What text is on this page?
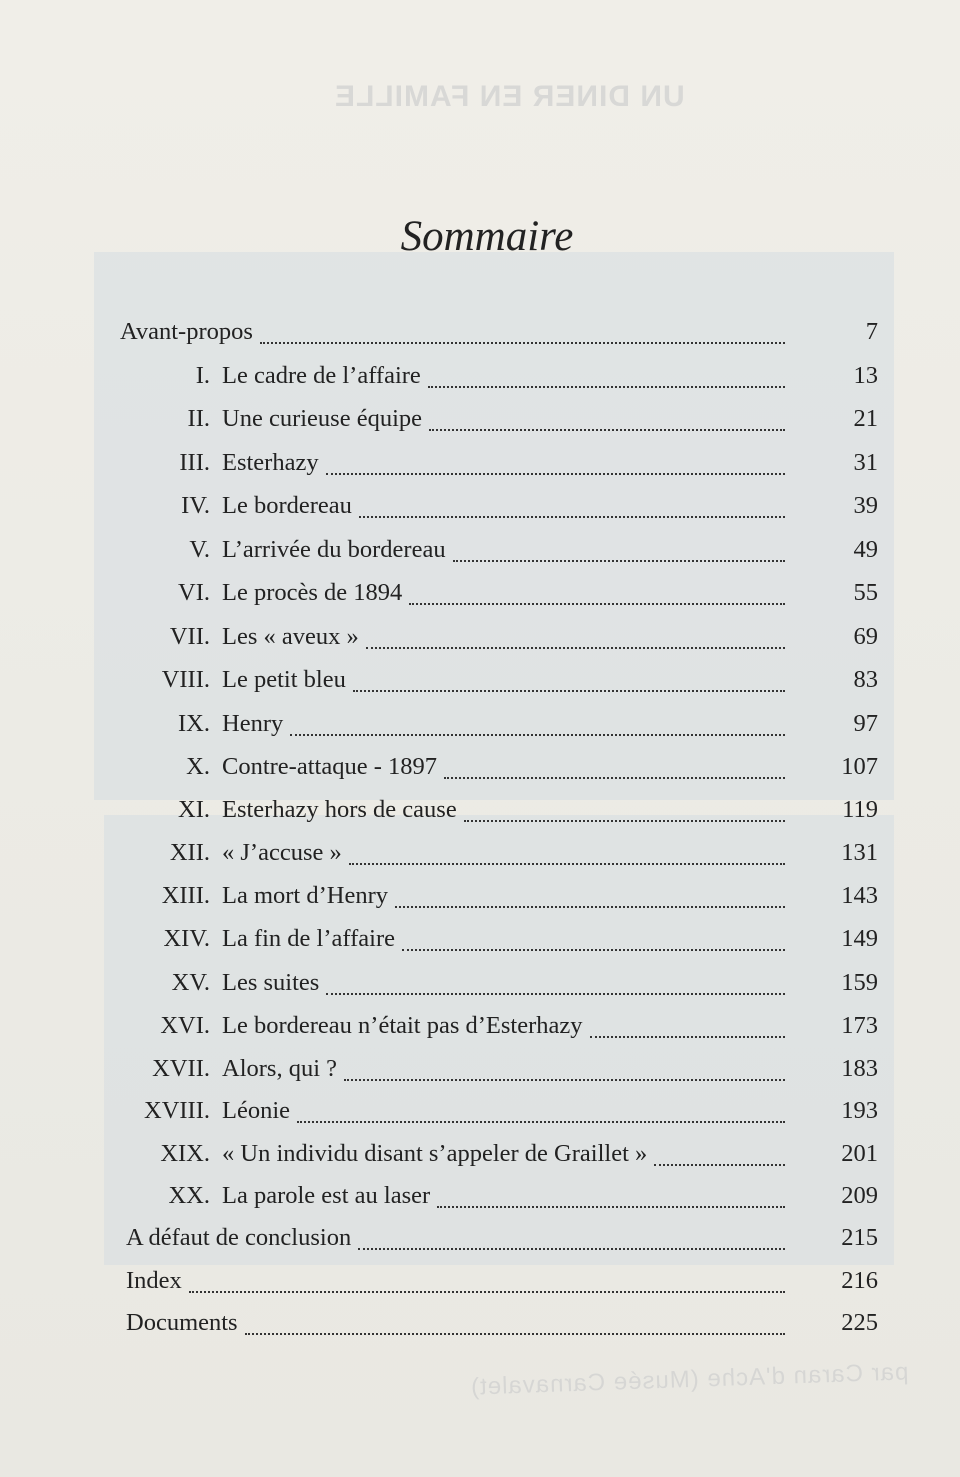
UN DINER EN FAMILLE
par Caran d'Ache (Musée Carnavalet)
Sommaire
Avant-propos	7
I. Le cadre de l’affaire	13
II. Une curieuse équipe	21
III. Esterhazy	31
IV. Le bordereau	39
V. L’arrivée du bordereau	49
VI. Le procès de 1894	55
VII. Les « aveux »	69
VIII. Le petit bleu	83
IX. Henry	97
X. Contre-attaque - 1897	107
XI. Esterhazy hors de cause	119
XII. « J’accuse »	131
XIII. La mort d’Henry	143
XIV. La fin de l’affaire	149
XV. Les suites	159
XVI. Le bordereau n’était pas d’Esterhazy	173
XVII. Alors, qui ?	183
XVIII. Léonie	193
XIX. « Un individu disant s’appeler de Graillet »	201
XX. La parole est au laser	209
A défaut de conclusion	215
Index	216
Documents	225
